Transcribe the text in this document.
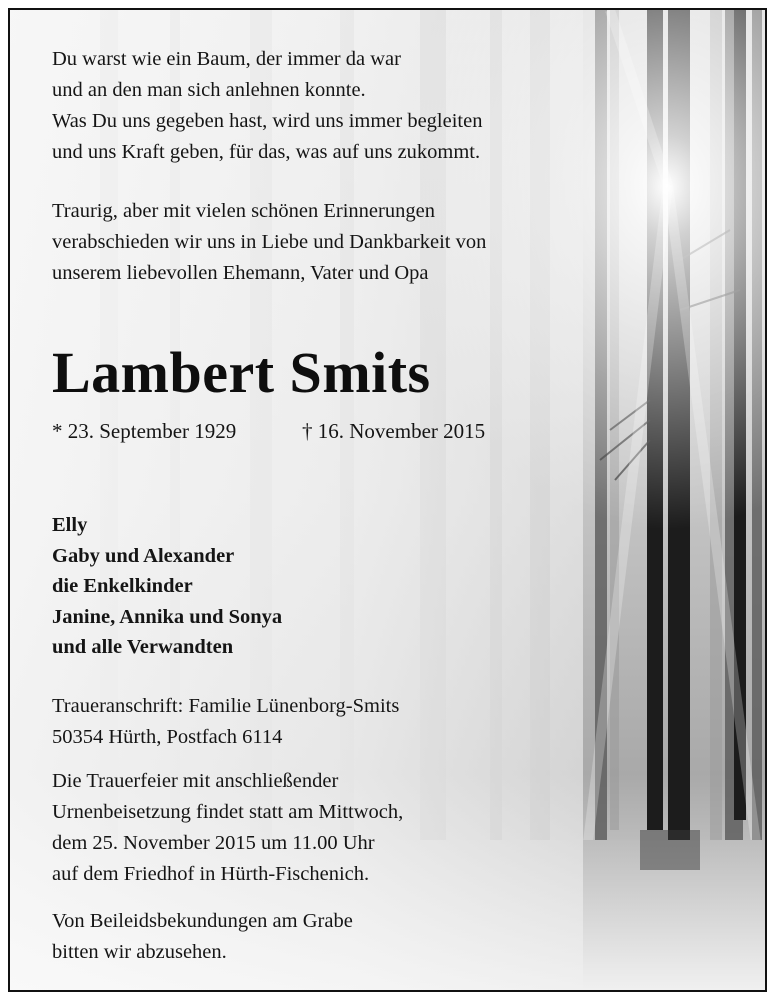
Du warst wie ein Baum, der immer da war
und an den man sich anlehnen konnte.
Was Du uns gegeben hast, wird uns immer begleiten
und uns Kraft geben, für das, was auf uns zukommt.

Traurig, aber mit vielen schönen Erinnerungen
verabschieden wir uns in Liebe und Dankbarkeit von
unserem liebevollen Ehemann, Vater und Opa

Lambert Smits
* 23. September 1929	† 16. November 2015
Elly
Gaby und Alexander
die Enkelkinder
Janine, Annika und Sonya
und alle Verwandten

Traueranschrift: Familie Lünenborg-Smits
50354 Hürth, Postfach 6114

Die Trauerfeier mit anschließender
Urnenbeisetzung findet statt am Mittwoch,
dem 25. November 2015 um 11.00 Uhr
auf dem Friedhof in Hürth-Fischenich.

Von Beileidsbekundungen am Grabe
bitten wir abzusehen.
